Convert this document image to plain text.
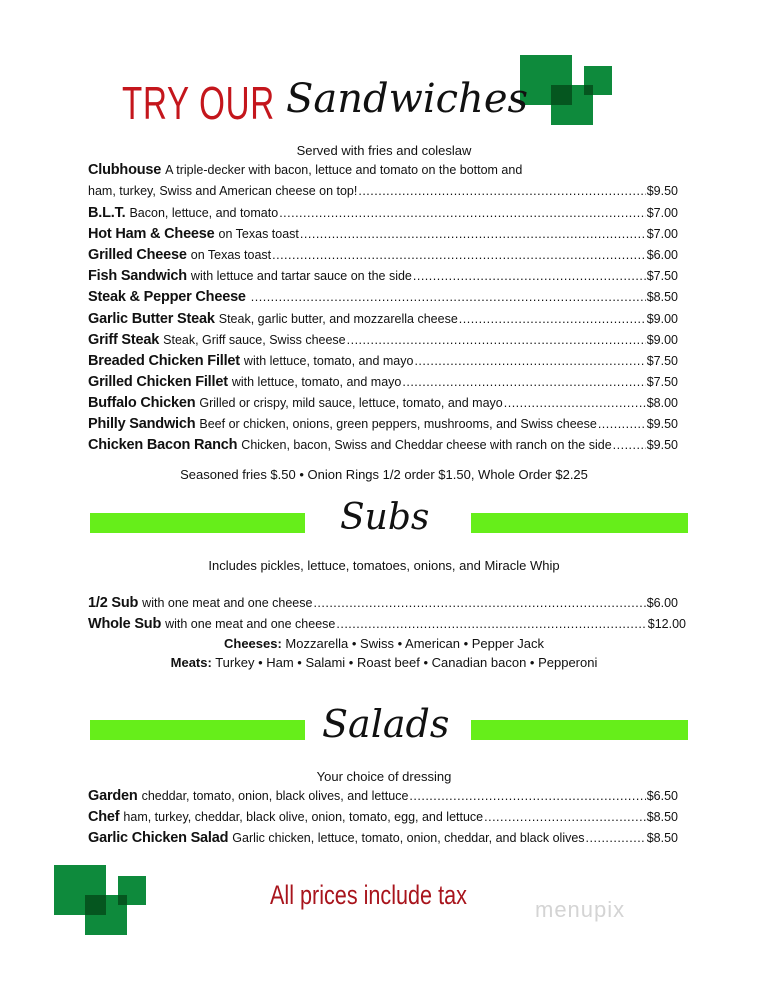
TRY OUR Sandwiches
Served with fries and coleslaw
Clubhouse A triple-decker with bacon, lettuce and tomato on the bottom and
ham, turkey, Swiss and American cheese on top! .....	$9.50
B.L.T. Bacon, lettuce, and tomato .....	$7.00
Hot Ham & Cheese on Texas toast .....	$7.00
Grilled Cheese on Texas toast .....	$6.00
Fish Sandwich with lettuce and tartar sauce on the side .....	$7.50
Steak & Pepper Cheese .....	$8.50
Garlic Butter Steak Steak, garlic butter, and mozzarella cheese .....	$9.00
Griff Steak Steak, Griff sauce, Swiss cheese .....	$9.00
Breaded Chicken Fillet with lettuce, tomato, and mayo .....	$7.50
Grilled Chicken Fillet with lettuce, tomato, and mayo .....	$7.50
Buffalo Chicken Grilled or crispy, mild sauce, lettuce, tomato, and mayo .....	$8.00
Philly Sandwich Beef or chicken, onions, green peppers, mushrooms, and Swiss cheese .....	$9.50
Chicken Bacon Ranch Chicken, bacon, Swiss and Cheddar cheese with ranch on the side .....	$9.50
Seasoned fries $.50 • Onion Rings 1/2 order $1.50, Whole Order $2.25
Subs
Includes pickles, lettuce, tomatoes, onions, and Miracle Whip
1/2 Sub with one meat and one cheese .....	$6.00
Whole Sub with one meat and one cheese .....	$12.00
Cheeses: Mozzarella • Swiss • American • Pepper Jack
Meats: Turkey • Ham • Salami • Roast beef • Canadian bacon • Pepperoni
Salads
Your choice of dressing
Garden cheddar, tomato, onion, black olives, and lettuce .....	$6.50
Chef ham, turkey, cheddar, black olive, onion, tomato, egg, and lettuce .....	$8.50
Garlic Chicken Salad Garlic chicken, lettuce, tomato, onion, cheddar, and black olives .....	$8.50
All prices include tax	menupix
